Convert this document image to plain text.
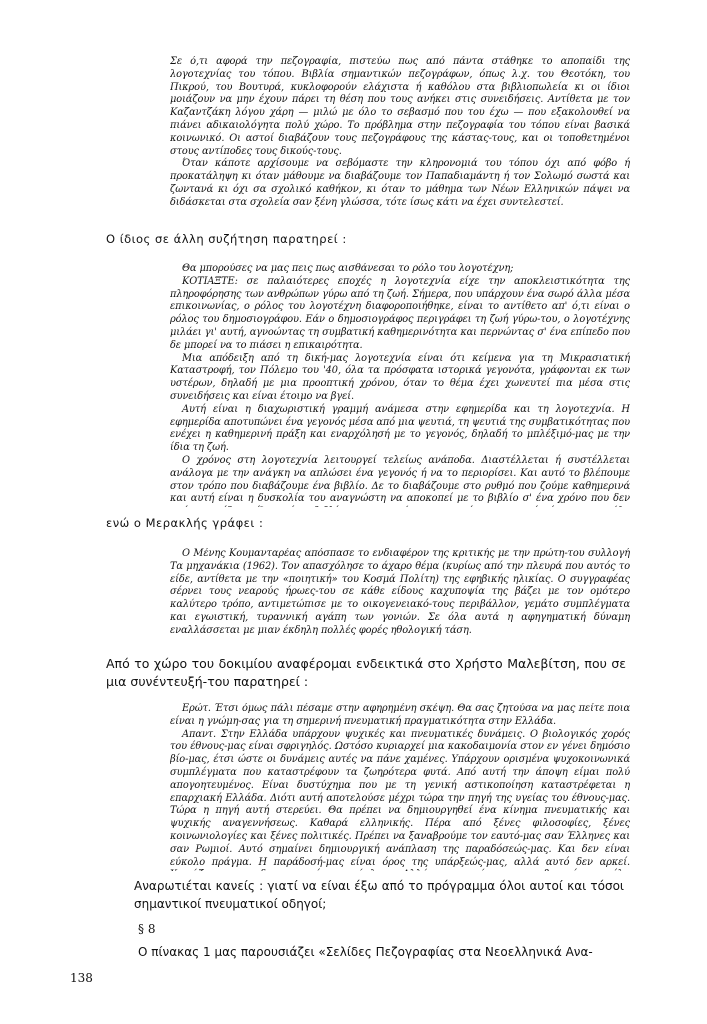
Σε ό,τι αφορά την πεζογραφία, πιστεύω πως από πάντα στάθηκε το αποπαίδι της λογοτεχνίας του τόπου. Βιβλία σημαντικών πεζογράφων, όπως λ.χ. του Θεοτόκη, του Πικρού, του Βουτυρά, κυκλοφορούν ελάχιστα ή καθόλου στα βιβλιοπωλεία κι οι ίδιοι μοιάζουν να μην έχουν πάρει τη θέση που τους ανήκει στις συνειδήσεις. Αντίθετα με τον Καζαντζάκη λόγου χάρη — μιλώ με όλο το σεβασμό που του έχω — που εξακολουθεί να πιάνει αδικαιολόγητα πολύ χώρο. Το πρόβλημα στην πεζογραφία του τόπου είναι βασικά κοινωνικό. Οι αστοί διαβάζουν τους πεζογράφους της κάστας-τους, και οι τοποθετημένοι στους αντίποδες τους δικούς-τους.

Όταν κάποτε αρχίσουμε να σεβόμαστε την κληρονομιά του τόπου όχι από φόβο ή προκατάληψη κι όταν μάθουμε να διαβάζουμε τον Παπαδιαμάντη ή τον Σολωμό σωστά και ζωντανά κι όχι σα σχολικό καθήκον, κι όταν το μάθημα των Νέων Ελληνικών πάψει να διδάσκεται στα σχολεία σαν ξένη γλώσσα, τότε ίσως κάτι να έχει συντελεστεί.

Ο ίδιος σε άλλη συζήτηση παρατηρεί :

Θα μπορούσες να μας πεις πως αισθάνεσαι το ρόλο του λογοτέχνη;

ΚΟΤΙΑΞΤΕ: σε παλαιότερες εποχές η λογοτεχνία είχε την αποκλειστικότητα της πληροφόρησης των ανθρώπων γύρω από τη ζωή. Σήμερα, που υπάρχουν ένα σωρό άλλα μέσα επικοινωνίας, ο ρόλος του λογοτέχνη διαφοροποιήθηκε, είναι το αντίθετο απ' ό,τι είναι ο ρόλος του δημοσιογράφου. Εάν ο δημοσιογράφος περιγράφει τη ζωή γύρω-του, ο λογοτέχνης μιλάει γι' αυτή, αγνοώντας τη συμβατική καθημερινότητα και περνώντας σ' ένα επίπεδο που δε μπορεί να το πιάσει η επικαιρότητα.

Μια απόδειξη από τη δική-μας λογοτεχνία είναι ότι κείμενα για τη Μικρασιατική Καταστροφή, τον Πόλεμο του '40, όλα τα πρόσφατα ιστορικά γεγονότα, γράφονται εκ των υστέρων, δηλαδή με μια προοπτική χρόνου, όταν το θέμα έχει χωνευτεί πια μέσα στις συνειδήσεις και είναι έτοιμο να βγεί.

Αυτή είναι η διαχωριστική γραμμή ανάμεσα στην εφημερίδα και τη λογοτεχνία. Η εφημερίδα αποτυπώνει ένα γεγονός μέσα από μια ψευτιά, τη ψευτιά της συμβατικότητας που ενέχει η καθημερινή πράξη και εναρχόλησή με το γεγονός, δηλαδή το μπλέξιμό-μας με την ίδια τη ζωή.

Ο χρόνος στη λογοτεχνία λειτουργεί τελείως ανάποδα. Διαστέλλεται ή συστέλλεται ανάλογα με την ανάγκη να απλώσει ένα γεγονός ή να το περιορίσει. Και αυτό το βλέπουμε στον τρόπο που διαβάζουμε ένα βιβλίο. Δε το διαβάζουμε στο ρυθμό που ζούμε καθημερινά και αυτή είναι η δυσκολία του αναγνώστη να αποκοπεί με το βιβλίο σ' ένα χρόνο που δεν

ενώ ο Μερακλής γράφει :

Ο Μένης Κουμανταρέας απόσπασε το ενδιαφέρον της κριτικής με την πρώτη-του συλλογή Τα μηχανάκια (1962). Τον απασχόλησε το άχαρο θέμα (κυρίως από την πλευρά που αυτός το είδε, αντίθετα με την «ποιητική» του Κοσμά Πολίτη) της εφηβικής ηλικίας. Ο συγγραφέας σέρνει τους νεαρούς ήρωες-του σε κάθε είδους καχυποψία της βάζει με τον ομότερο καλύτερο τρόπο, αντιμετώπισε με το οικογενειακό-τους περιβάλλον, γεμάτο συμπλέγματα και εγωιστική, τυραννική αγάπη των γονιών. Σε όλα αυτά η αφηγηματική δύναμη εναλλάσσεται με μιαν έκδηλη πολλές φορές ηθολογική τάση.

Από το χώρο του δοκιμίου αναφέρομαι ενδεικτικά στο Χρήστο Μαλεβίτση, που σε μια συνέντευξή-του παρατηρεί :

Ερώτ. Έτσι όμως πάλι πέσαμε στην αφηρημένη σκέψη. Θα σας ζητούσα να μας πείτε ποια είναι η γνώμη-σας για τη σημερινή πνευματική πραγματικότητα στην Ελλάδα.

Απαντ. Στην Ελλάδα υπάρχουν ψυχικές και πνευματικές δυνάμεις. Ο βιολογικός χορός του έθνους-μας είναι σφριγηλός. Ωστόσο κυριαρχεί μια κακοδαιμονία στον εν γένει δημόσιο βίο-μας, έτσι ώστε οι δυνάμεις αυτές να πάνε χαμένες. Υπάρχουν ορισμένα ψυχοκοινωνικά συμπλέγματα που καταστρέφουν τα ζωηρότερα φυτά. Από αυτή την άποψη είμαι πολύ απογοητευμένος. Είναι δυστύχημα που με τη γενική αστικοποίηση καταστρέφεται η επαρχιακή Ελλάδα. Διότι αυτή αποτελούσε μέχρι τώρα την πηγή της υγείας του έθνους-μας. Τώρα η πηγή αυτή στερεύει. Θα πρέπει να δημιουργηθεί ένα κίνημα πνευματικής και ψυχικής αναγεννήσεως. Καθαρά ελληνικής. Πέρα από ξένες φιλοσοφίες, ξένες κοινωνιολογίες και ξένες πολιτικές. Πρέπει να ξαναβρούμε τον εαυτό-μας σαν Έλληνες και σαν Ρωμιοί. Αυτό σημαίνει δημιουργική ανάπλαση της παραδόσεώς-μας. Και δεν είναι εύκολο πράγμα. Η παράδοσή-μας είναι όρος της υπάρξεώς-μας, αλλά αυτό δεν αρκεί.

Αναρωτιέται κανείς : γιατί να είναι έξω από το πρόγραμμα όλοι αυτοί και τόσοι σημαντικοί πνευματικοί οδηγοί;
§ 8
Ο πίνακας 1 μας παρουσιάζει «Σελίδες Πεζογραφίας στα Νεοελληνικά Ανα-
138
